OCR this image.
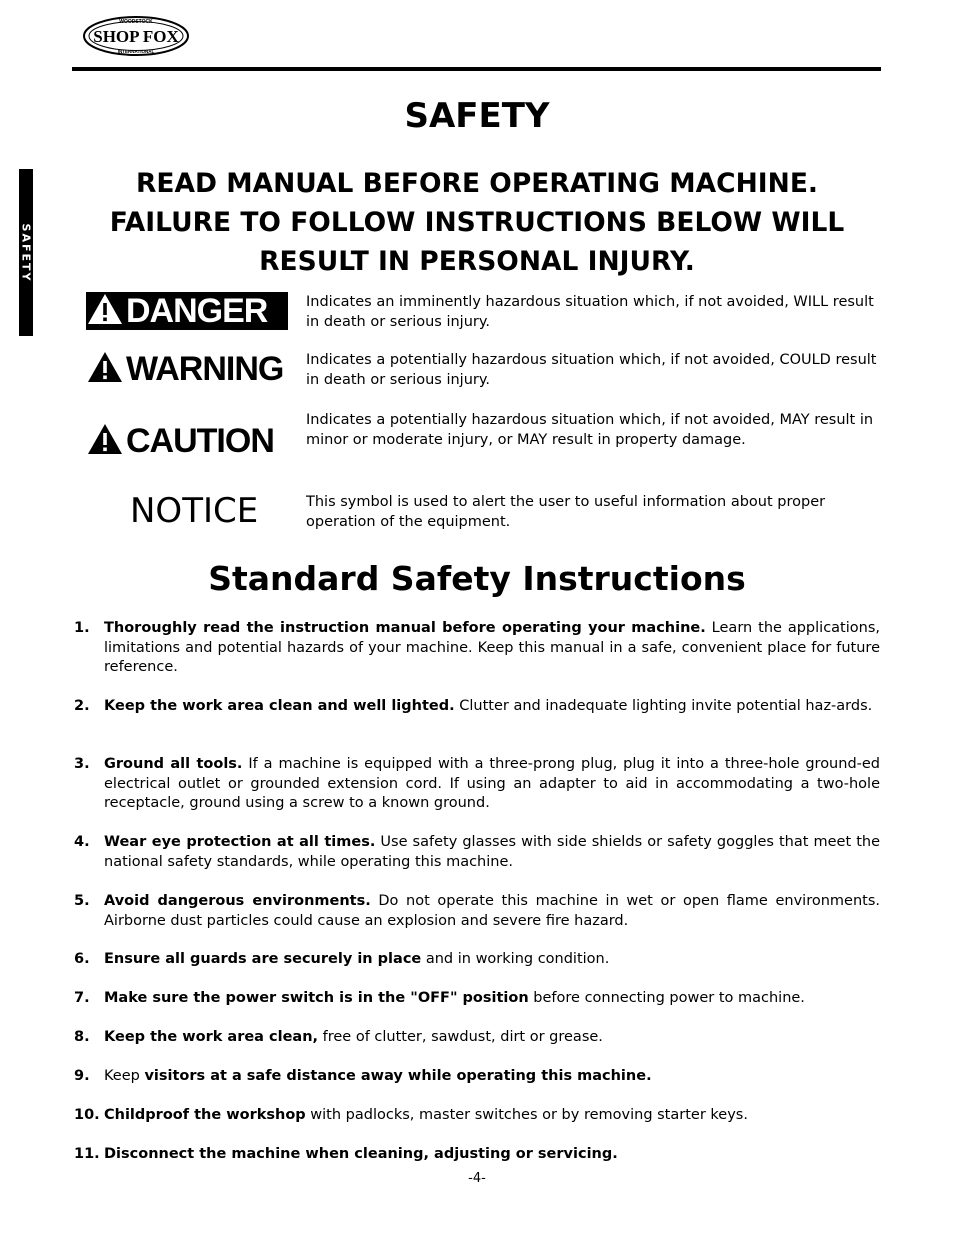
WOODSTOCK
SHOP FOX
INTERNATIONAL
SAFETY
SAFETY
READ MANUAL BEFORE OPERATING MACHINE.
FAILURE TO FOLLOW INSTRUCTIONS BELOW WILL
RESULT IN PERSONAL INJURY.
DANGER	Indicates an imminently hazardous situation which, if not avoided, WILL result in death or serious injury.
WARNING Indicates a potentially hazardous situation which, if not avoided, COULD result in death or serious injury.
CAUTION
Indicates a potentially hazardous situation which, if not avoided, MAY result in minor or moderate injury, or MAY result in property damage.
NOTICE	This symbol is used to alert the user to useful information about proper operation of the equipment.
Standard Safety Instructions
1. Thoroughly read the instruction manual before operating your machine. Learn the applications, limitations and potential hazards of your machine. Keep this manual in a safe, convenient place for future reference.
2. Keep the work area clean and well lighted. Clutter and inadequate lighting invite potential haz-ards.
3. Ground all tools. If a machine is equipped with a three-prong plug, plug it into a three-hole ground-ed electrical outlet or grounded extension cord. If using an adapter to aid in accommodating a two-hole receptacle, ground using a screw to a known ground.
4. Wear eye protection at all times. Use safety glasses with side shields or safety goggles that meet the national safety standards, while operating this machine.
5. Avoid dangerous environments. Do not operate this machine in wet or open flame environments. Airborne dust particles could cause an explosion and severe fire hazard.
6. Ensure all guards are securely in place and in working condition.
7. Make sure the power switch is in the "OFF" position before connecting power to machine.
8. Keep the work area clean, free of clutter, sawdust, dirt or grease.
9. Keep visitors at a safe distance away while operating this machine.
10. Childproof the workshop with padlocks, master switches or by removing starter keys.
11. Disconnect the machine when cleaning, adjusting or servicing.
-4-
